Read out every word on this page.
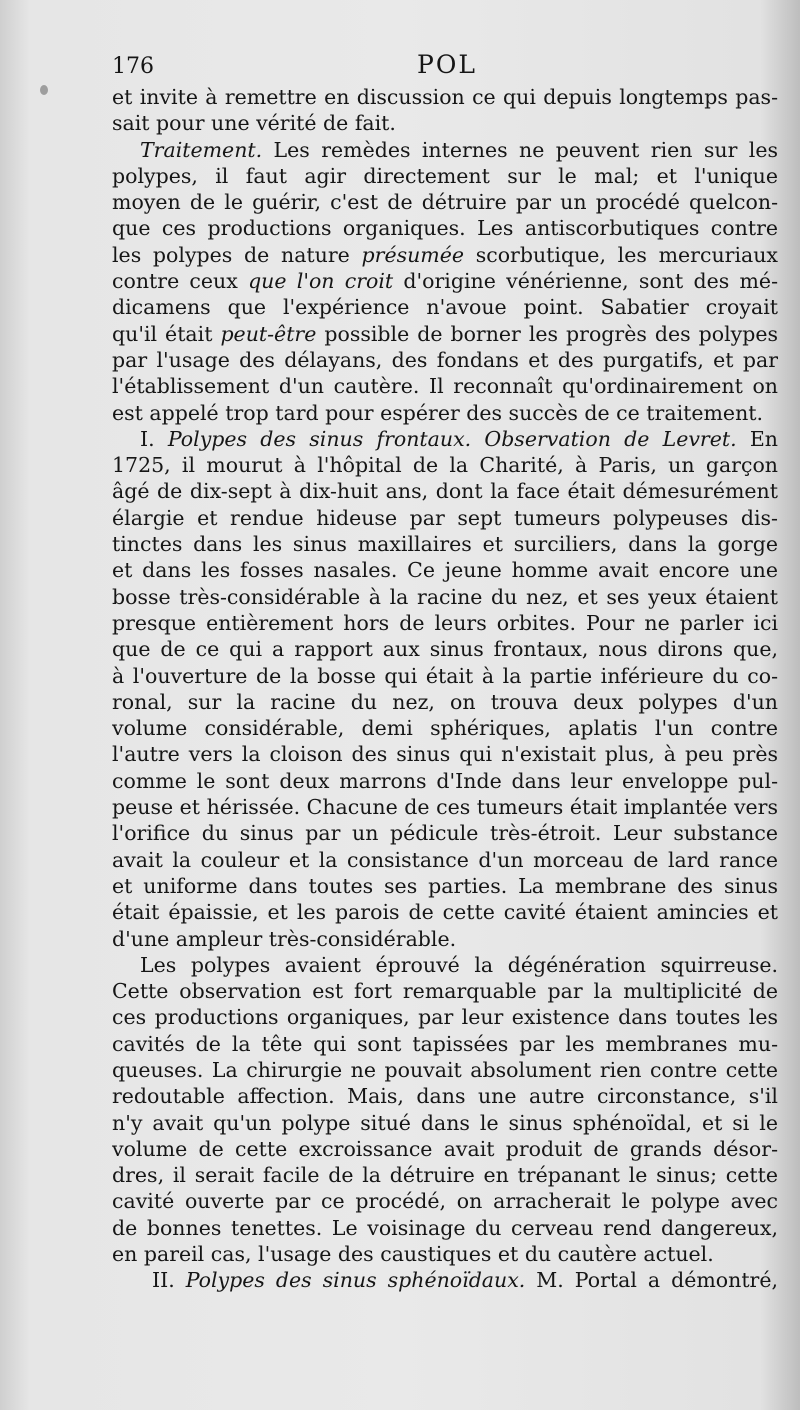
176	POL
et invite à remettre en discussion ce qui depuis longtemps pas-
sait pour une vérité de fait.
Traitement. Les remèdes internes ne peuvent rien sur les
polypes, il faut agir directement sur le mal; et l'unique
moyen de le guérir, c'est de détruire par un procédé quelcon-
que ces productions organiques. Les antiscorbutiques contre
les polypes de nature présumée scorbutique, les mercuriaux
contre ceux que l'on croit d'origine vénérienne, sont des mé-
dicamens que l'expérience n'avoue point. Sabatier croyait
qu'il était peut-être possible de borner les progrès des polypes
par l'usage des délayans, des fondans et des purgatifs, et par
l'établissement d'un cautère. Il reconnaît qu'ordinairement on
est appelé trop tard pour espérer des succès de ce traitement.
I. Polypes des sinus frontaux. Observation de Levret. En
1725, il mourut à l'hôpital de la Charité, à Paris, un garçon
âgé de dix-sept à dix-huit ans, dont la face était démesurément
élargie et rendue hideuse par sept tumeurs polypeuses dis-
tinctes dans les sinus maxillaires et surciliers, dans la gorge
et dans les fosses nasales. Ce jeune homme avait encore une
bosse très-considérable à la racine du nez, et ses yeux étaient
presque entièrement hors de leurs orbites. Pour ne parler ici
que de ce qui a rapport aux sinus frontaux, nous dirons que,
à l'ouverture de la bosse qui était à la partie inférieure du co-
ronal, sur la racine du nez, on trouva deux polypes d'un
volume considérable, demi sphériques, aplatis l'un contre
l'autre vers la cloison des sinus qui n'existait plus, à peu près
comme le sont deux marrons d'Inde dans leur enveloppe pul-
peuse et hérissée. Chacune de ces tumeurs était implantée vers
l'orifice du sinus par un pédicule très-étroit. Leur substance
avait la couleur et la consistance d'un morceau de lard rance
et uniforme dans toutes ses parties. La membrane des sinus
était épaissie, et les parois de cette cavité étaient amincies et
d'une ampleur très-considérable.
Les polypes avaient éprouvé la dégénération squirreuse.
Cette observation est fort remarquable par la multiplicité de
ces productions organiques, par leur existence dans toutes les
cavités de la tête qui sont tapissées par les membranes mu-
queuses. La chirurgie ne pouvait absolument rien contre cette
redoutable affection. Mais, dans une autre circonstance, s'il
n'y avait qu'un polype situé dans le sinus sphénoïdal, et si le
volume de cette excroissance avait produit de grands désor-
dres, il serait facile de la détruire en trépanant le sinus; cette
cavité ouverte par ce procédé, on arracherait le polype avec
de bonnes tenettes. Le voisinage du cerveau rend dangereux,
en pareil cas, l'usage des caustiques et du cautère actuel.
II. Polypes des sinus sphénoïdaux. M. Portal a démontré,
